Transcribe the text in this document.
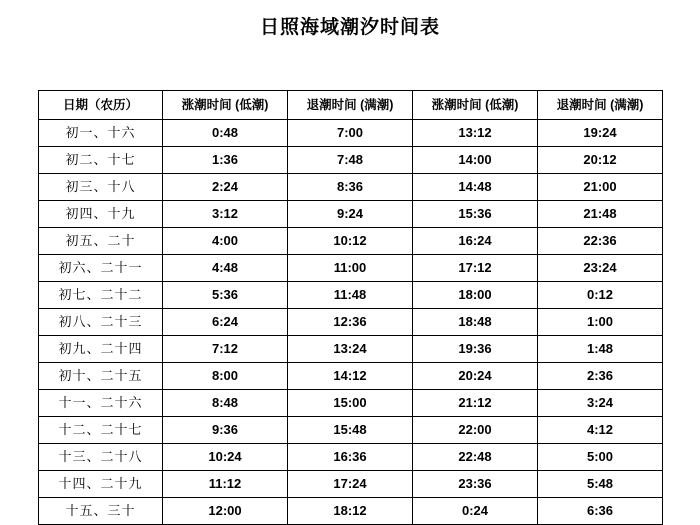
日照海域潮汐时间表
日期（农历）	涨潮时间 (低潮)	退潮时间 (满潮)	涨潮时间 (低潮)	退潮时间 (满潮)
初一、十六	0:48	7:00	13:12	19:24
初二、十七	1:36	7:48	14:00	20:12
初三、十八	2:24	8:36	14:48	21:00
初四、十九	3:12	9:24	15:36	21:48
初五、二十	4:00	10:12	16:24	22:36
初六、二十一	4:48	11:00	17:12	23:24
初七、二十二	5:36	11:48	18:00	0:12
初八、二十三	6:24	12:36	18:48	1:00
初九、二十四	7:12	13:24	19:36	1:48
初十、二十五	8:00	14:12	20:24	2:36
十一、二十六	8:48	15:00	21:12	3:24
十二、二十七	9:36	15:48	22:00	4:12
十三、二十八	10:24	16:36	22:48	5:00
十四、二十九	11:12	17:24	23:36	5:48
十五、三十	12:00	18:12	0:24	6:36
